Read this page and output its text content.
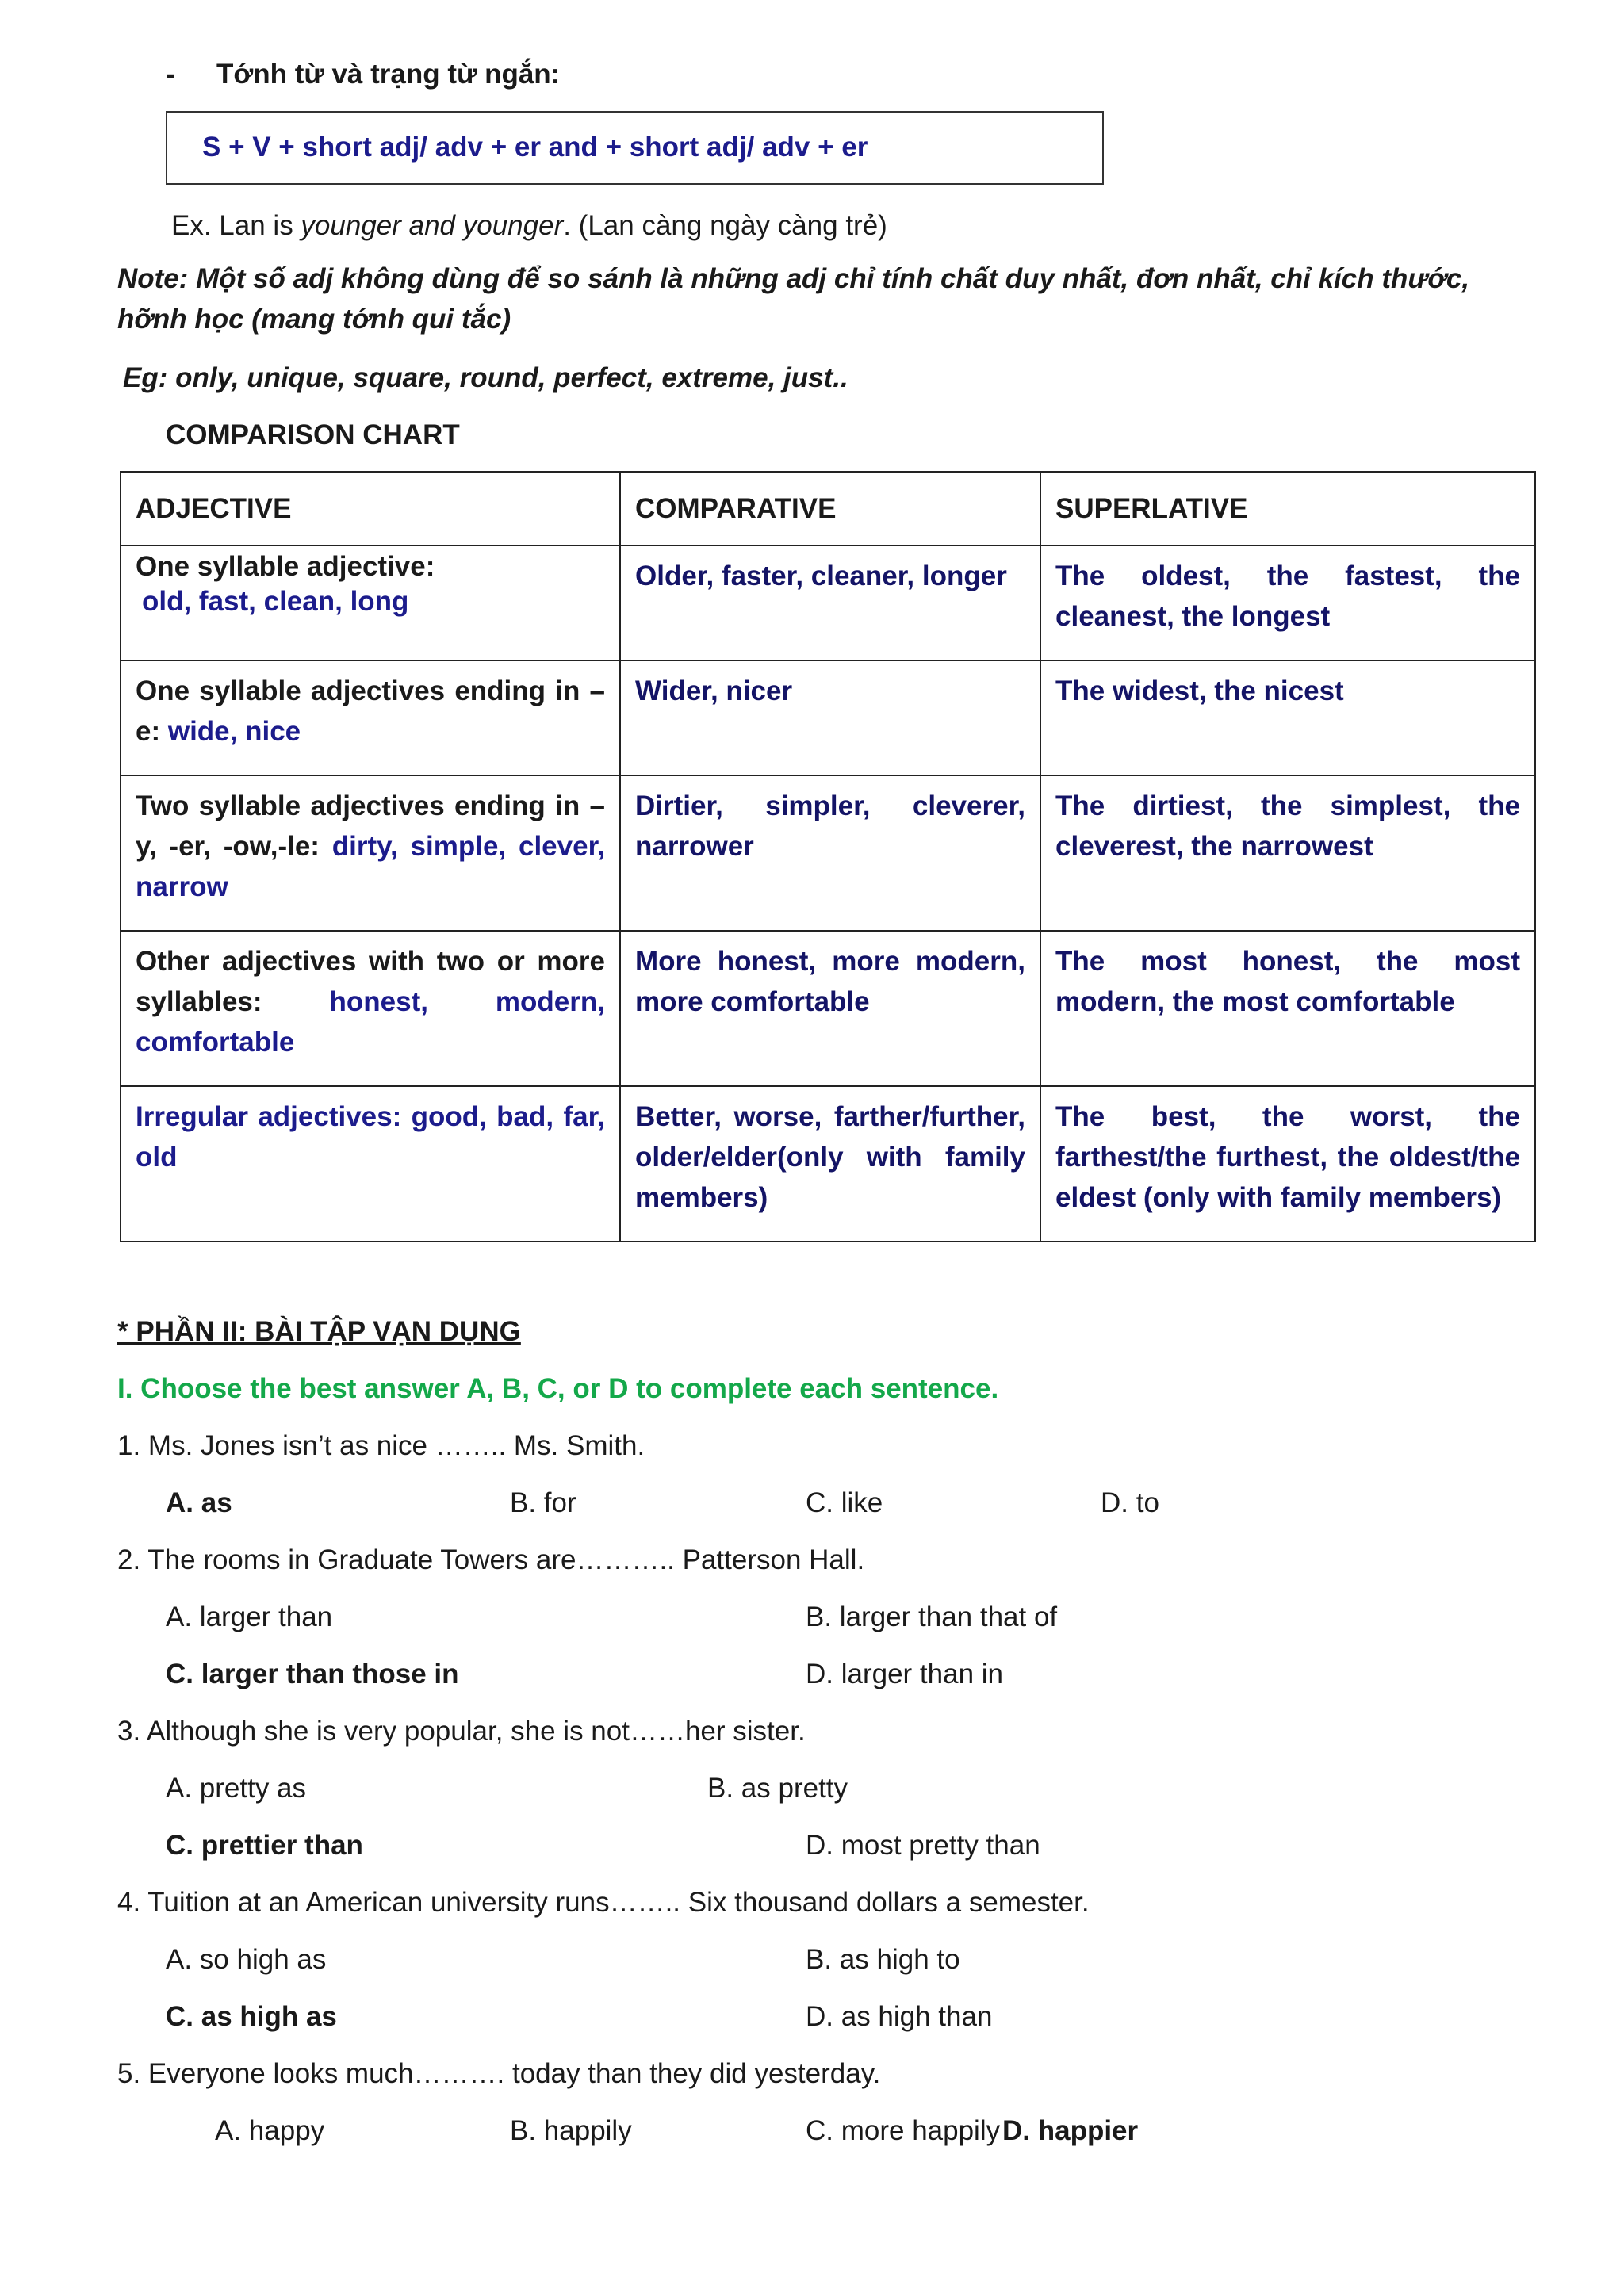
- Tớnh từ và trạng từ ngắn:
S + V + short adj/ adv + er and + short adj/ adv + er
Ex. Lan is younger and younger. (Lan càng ngày càng trẻ)
Note: Một số adj không dùng để so sánh là những adj chỉ tính chất duy nhất, đơn nhất, chỉ kích thước, hỡnh học (mang tớnh qui tắc)
Eg: only, unique, square, round, perfect, extreme, just..
COMPARISON CHART
ADJECTIVE	COMPARATIVE	SUPERLATIVE

One syllable adjective:
old, fast, clean, long	Older, faster, cleaner, longer	The oldest, the fastest, the cleanest, the longest
One syllable adjectives ending in –e: wide, nice	Wider, nicer	The widest, the nicest
Two syllable adjectives ending in –y, -er, -ow,-le: dirty, simple, clever, narrow	Dirtier, simpler, cleverer, narrower	The dirtiest, the simplest, the cleverest, the narrowest
Other adjectives with two or more syllables: honest, modern, comfortable	More honest, more modern, more comfortable	The most honest, the most modern, the most comfortable
Irregular adjectives: good, bad, far, old	Better, worse, farther/further, older/elder(only with family members)	The best, the worst, the farthest/the furthest, the oldest/the eldest (only with family members)
* PHẦN II: BÀI TẬP VẠN DỤNG
I. Choose the best answer A, B, C, or D to complete each sentence.
1. Ms. Jones isn’t as nice …….. Ms. Smith.
A. as	B. for	C. like	D. to
2. The rooms in Graduate Towers are……….. Patterson Hall.
A. larger than	B. larger than that of
C. larger than those in	D. larger than in
3. Although she is very popular, she is not……her sister.
A. pretty as	B. as pretty
C. prettier than	D. most pretty than
4. Tuition at an American university runs…….. Six thousand dollars a semester.
A. so high as	B. as high to
C. as high as	D. as high than
5. Everyone looks much………. today than they did yesterday.
A. happy	B. happily	C. more happily D. happier
